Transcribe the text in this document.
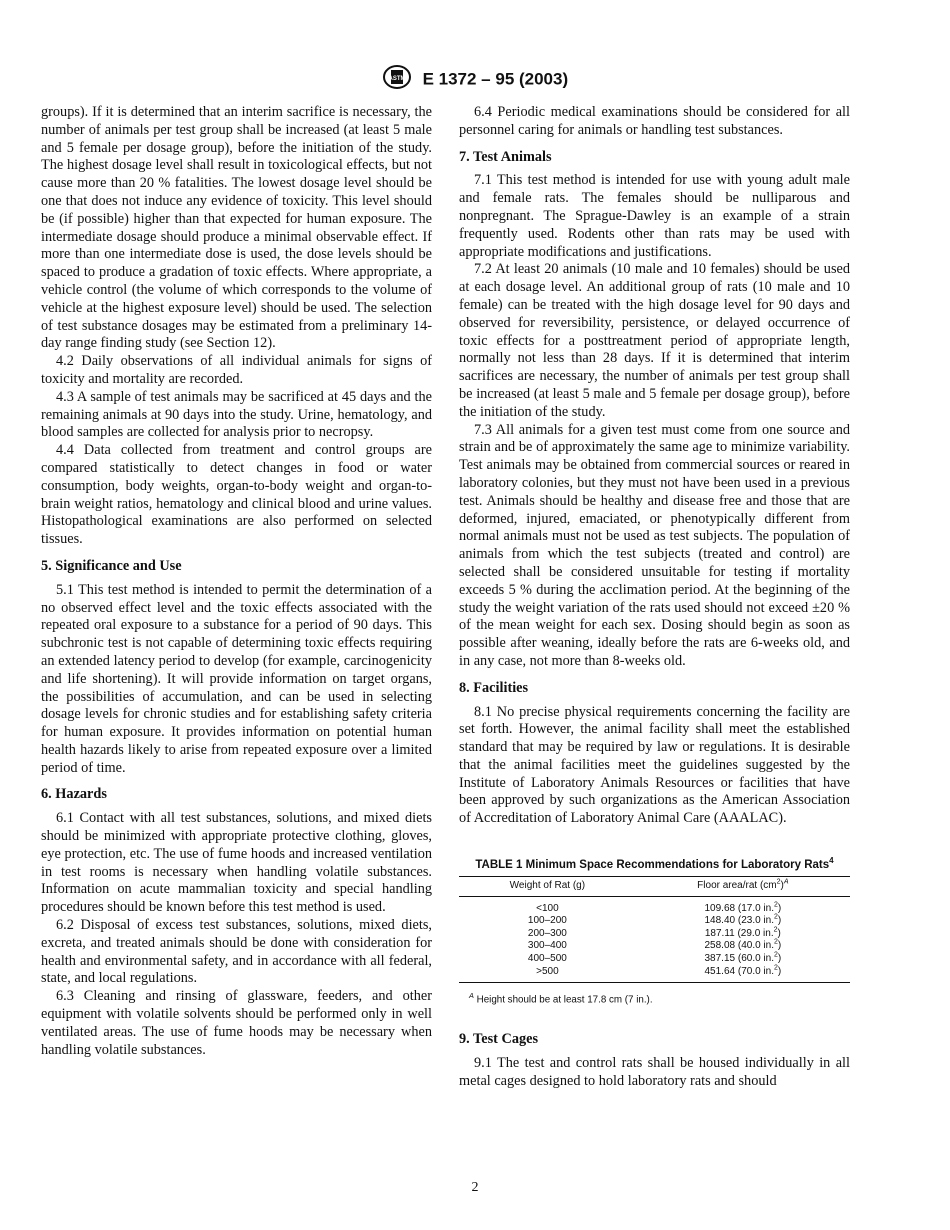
ASTM E 1372 – 95 (2003)

groups). If it is determined that an interim sacrifice is necessary, the number of animals per test group shall be increased (at least 5 male and 5 female per dosage group), before the initiation of the study. The highest dosage level shall result in toxicological effects, but not cause more than 20 % fatalities. The lowest dosage level should be one that does not induce any evidence of toxicity. This level should be (if possible) higher than that expected for human exposure. The intermediate dosage should produce a minimal observable effect. If more than one intermediate dose is used, the dose levels should be spaced to produce a gradation of toxic effects. Where appropriate, a vehicle control (the volume of which corresponds to the volume of vehicle at the highest exposure level) should be used. The selection of test substance dosages may be estimated from a preliminary 14-day range finding study (see Section 12).

4.2 Daily observations of all individual animals for signs of toxicity and mortality are recorded.

4.3 A sample of test animals may be sacrificed at 45 days and the remaining animals at 90 days into the study. Urine, hematology, and blood samples are collected for analysis prior to necropsy.

4.4 Data collected from treatment and control groups are compared statistically to detect changes in food or water consumption, body weights, organ-to-body weight and organ-to-brain weight ratios, hematology and clinical blood and urine values. Histopathological examinations are also performed on selected tissues.

5. Significance and Use

5.1 This test method is intended to permit the determination of a no observed effect level and the toxic effects associated with the repeated oral exposure to a substance for a period of 90 days. This subchronic test is not capable of determining toxic effects requiring an extended latency period to develop (for example, carcinogenicity and life shortening). It will provide information on target organs, the possibilities of accumulation, and can be used in selecting dosage levels for chronic studies and for establishing safety criteria for human exposure. It provides information on potential human health hazards likely to arise from repeated exposure over a limited period of time.

6. Hazards

6.1 Contact with all test substances, solutions, and mixed diets should be minimized with appropriate protective clothing, gloves, eye protection, etc. The use of fume hoods and increased ventilation in test rooms is necessary when handling volatile substances. Information on acute mammalian toxicity and special handling procedures should be known before this test method is used.

6.2 Disposal of excess test substances, solutions, mixed diets, excreta, and treated animals should be done with consideration for health and environmental safety, and in accordance with all federal, state, and local regulations.

6.3 Cleaning and rinsing of glassware, feeders, and other equipment with volatile solvents should be performed only in well ventilated areas. The use of fume hoods may be necessary when handling volatile substances.

6.4 Periodic medical examinations should be considered for all personnel caring for animals or handling test substances.

7. Test Animals

7.1 This test method is intended for use with young adult male and female rats. The females should be nulliparous and nonpregnant. The Sprague-Dawley is an example of a strain frequently used. Rodents other than rats may be used with appropriate modifications and justifications.

7.2 At least 20 animals (10 male and 10 females) should be used at each dosage level. An additional group of rats (10 male and 10 female) can be treated with the high dosage level for 90 days and observed for reversibility, persistence, or delayed occurrence of toxic effects for a posttreatment period of appropriate length, normally not less than 28 days. If it is determined that interim sacrifices are necessary, the number of animals per test group shall be increased (at least 5 male and 5 female per dosage group), before the initiation of the study.

7.3 All animals for a given test must come from one source and strain and be of approximately the same age to minimize variability. Test animals may be obtained from commercial sources or reared in laboratory colonies, but they must not have been used in a previous test. Animals should be healthy and disease free and those that are deformed, injured, emaciated, or phenotypically different from normal animals must not be used as test subjects. The population of animals from which the test subjects (treated and control) are selected shall be considered unsuitable for testing if mortality exceeds 5 % during the acclimation period. At the beginning of the study the weight variation of the rats used should not exceed ±20 % of the mean weight for each sex. Dosing should begin as soon as possible after weaning, ideally before the rats are 6-weeks old, and in any case, not more than 8-weeks old.

8. Facilities

8.1 No precise physical requirements concerning the facility are set forth. However, the animal facility shall meet the established standard that may be required by law or regulations. It is desirable that the animal facilities meet the guidelines suggested by the Institute of Laboratory Animals Resources or facilities that have been approved by such organizations as the American Association of Accreditation of Laboratory Animal Care (AAALAC).

TABLE 1 Minimum Space Recommendations for Laboratory Rats$^4$
Weight of Rat (g)	Floor area/rat $(cm^2)^A$
<100	109.68 (17.0 in.$^2$)
100–200	148.40 (23.0 in.$^2$)
200–300	187.11 (29.0 in.$^2$)
300–400	258.08 (40.0 in.$^2$)
400–500	387.15 (60.0 in.$^2$)
>500	451.64 (70.0 in.$^2$)
$^A$ Height should be at least 17.8 cm (7 in.).
9. Test Cages

9.1 The test and control rats shall be housed individually in all metal cages designed to hold laboratory rats and should

2
